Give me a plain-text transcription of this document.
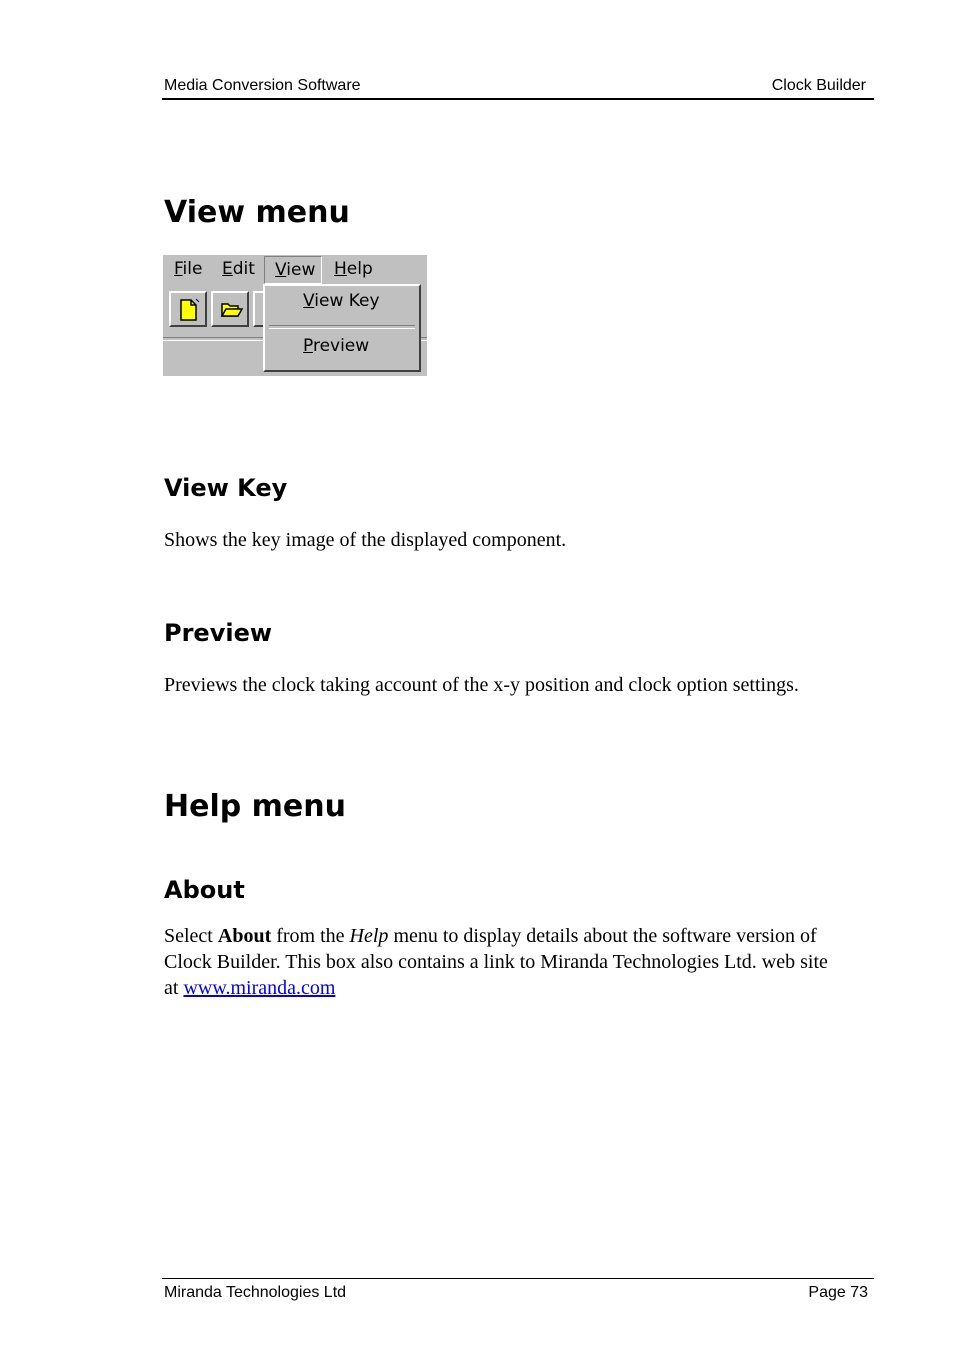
Media Conversion Software	Clock Builder
View menu
File Edit	View	Help
View Key
Preview
View Key

Shows the key image of the displayed component.

Preview

Previews the clock taking account of the x-y position and clock option settings.

Help menu
About

Select About from the Help menu to display details about the software version of Clock Builder. This box also contains a link to Miranda Technologies Ltd. web site at www.miranda.com

Miranda Technologies Ltd	Page 73
